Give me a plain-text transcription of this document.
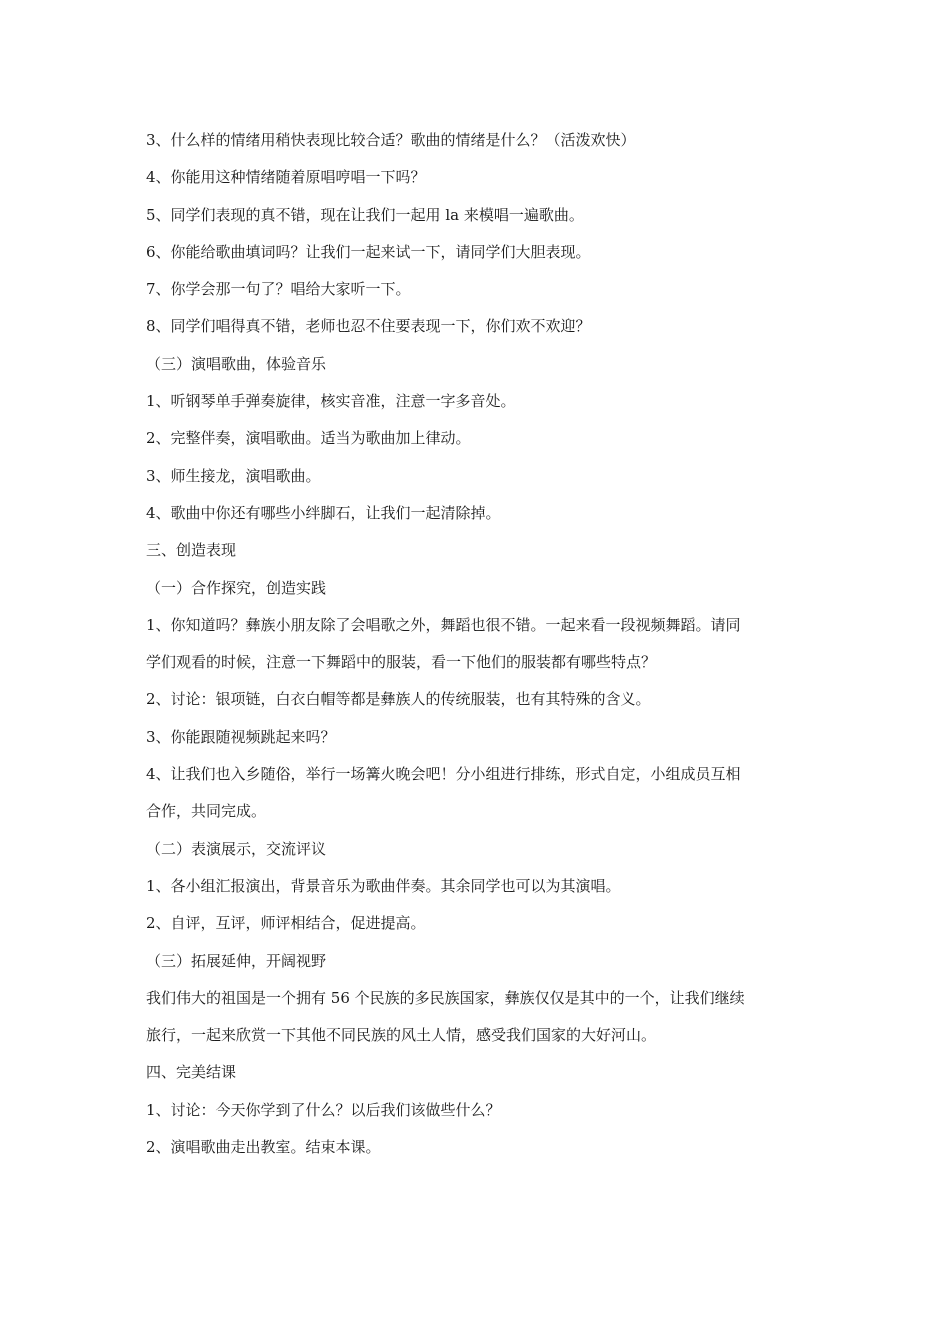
3、什么样的情绪用稍快表现比较合适？歌曲的情绪是什么？（活泼欢快）
4、你能用这种情绪随着原唱哼唱一下吗？
5、同学们表现的真不错，现在让我们一起用 la 来模唱一遍歌曲。
6、你能给歌曲填词吗？让我们一起来试一下，请同学们大胆表现。
7、你学会那一句了？唱给大家听一下。
8、同学们唱得真不错，老师也忍不住要表现一下，你们欢不欢迎？
（三）演唱歌曲，体验音乐
1、听钢琴单手弹奏旋律，核实音准，注意一字多音处。
2、完整伴奏，演唱歌曲。适当为歌曲加上律动。
3、师生接龙，演唱歌曲。
4、歌曲中你还有哪些小绊脚石，让我们一起清除掉。
三、创造表现
（一）合作探究，创造实践
1、你知道吗？彝族小朋友除了会唱歌之外，舞蹈也很不错。一起来看一段视频舞蹈。请同
学们观看的时候，注意一下舞蹈中的服装，看一下他们的服装都有哪些特点？
2、讨论：银项链，白衣白帽等都是彝族人的传统服装，也有其特殊的含义。
3、你能跟随视频跳起来吗？
4、让我们也入乡随俗，举行一场篝火晚会吧！分小组进行排练，形式自定，小组成员互相
合作，共同完成。
（二）表演展示，交流评议
1、各小组汇报演出，背景音乐为歌曲伴奏。其余同学也可以为其演唱。
2、自评，互评，师评相结合，促进提高。
（三）拓展延伸，开阔视野
我们伟大的祖国是一个拥有 56 个民族的多民族国家，彝族仅仅是其中的一个，让我们继续
旅行，一起来欣赏一下其他不同民族的风土人情，感受我们国家的大好河山。
四、完美结课
1、讨论：今天你学到了什么？以后我们该做些什么？
2、演唱歌曲走出教室。结束本课。
